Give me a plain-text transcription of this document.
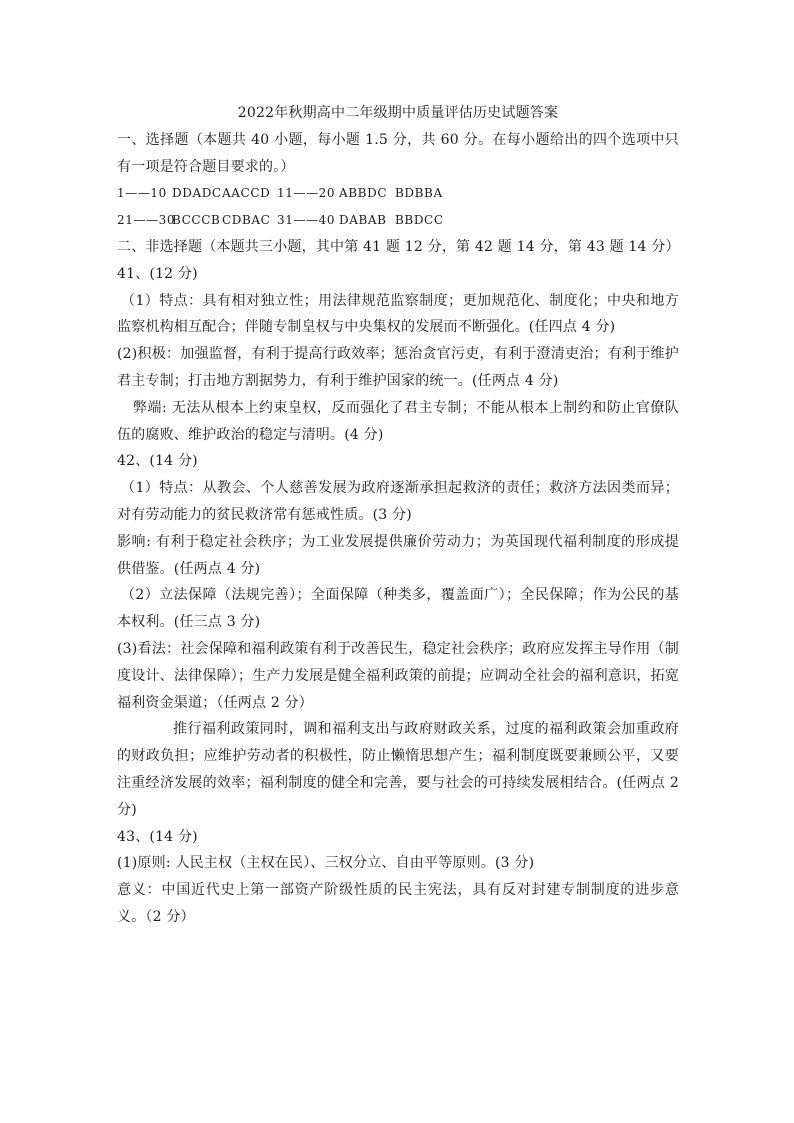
2022年秋期高中二年级期中质量评估历史试题答案

一、选择题（本题共 40 小题，每小题 1.5 分，共 60 分。在每小题给出的四个选项中只有一项是符合题目要求的。）

1——10 DDADC AACCD 11——20 ABBDC BDBBA
21——30
BCCCB CDBAC 31——40 DABAB BBDCC

二、非选择题（本题共三小题，其中第 41 题 12 分，第 42 题 14 分，第 43 题 14 分）

41、(12 分)

（1）特点：具有相对独立性；用法律规范监察制度；更加规范化、制度化；中央和地方监察机构相互配合；伴随专制皇权与中央集权的发展而不断强化。(任四点 4 分)

(2)积极：加强监督，有利于提高行政效率；惩治贪官污吏，有利于澄清吏治；有利于维护君主专制；打击地方割据势力，有利于维护国家的统一。(任两点 4 分)

弊端: 无法从根本上约束皇权，反而强化了君主专制；不能从根本上制约和防止官僚队伍的腐败、维护政治的稳定与清明。(4 分)

42、(14 分)

（1）特点：从教会、个人慈善发展为政府逐渐承担起救济的责任；救济方法因类而异；对有劳动能力的贫民救济常有惩戒性质。(3 分)

影响: 有利于稳定社会秩序；为工业发展提供廉价劳动力；为英国现代福利制度的形成提供借鉴。(任两点 4 分)

（2）立法保障（法规完善）；全面保障（种类多，覆盖面广）；全民保障；作为公民的基本权利。(任三点 3 分)

(3)看法：社会保障和福利政策有利于改善民生，稳定社会秩序；政府应发挥主导作用（制度设计、法律保障）；生产力发展是健全福利政策的前提；应调动全社会的福利意识，拓宽福利资金渠道；（任两点 2 分）

推行福利政策同时，调和福利支出与政府财政关系，过度的福利政策会加重政府的财政负担；应维护劳动者的积极性，防止懒惰思想产生；福利制度既要兼顾公平，又要注重经济发展的效率；福利制度的健全和完善，要与社会的可持续发展相结合。(任两点 2 分)

43、(14 分)

(1)原则: 人民主权（主权在民）、三权分立、自由平等原则。(3 分)

意义：中国近代史上第一部资产阶级性质的民主宪法，具有反对封建专制制度的进步意义。（2 分）
